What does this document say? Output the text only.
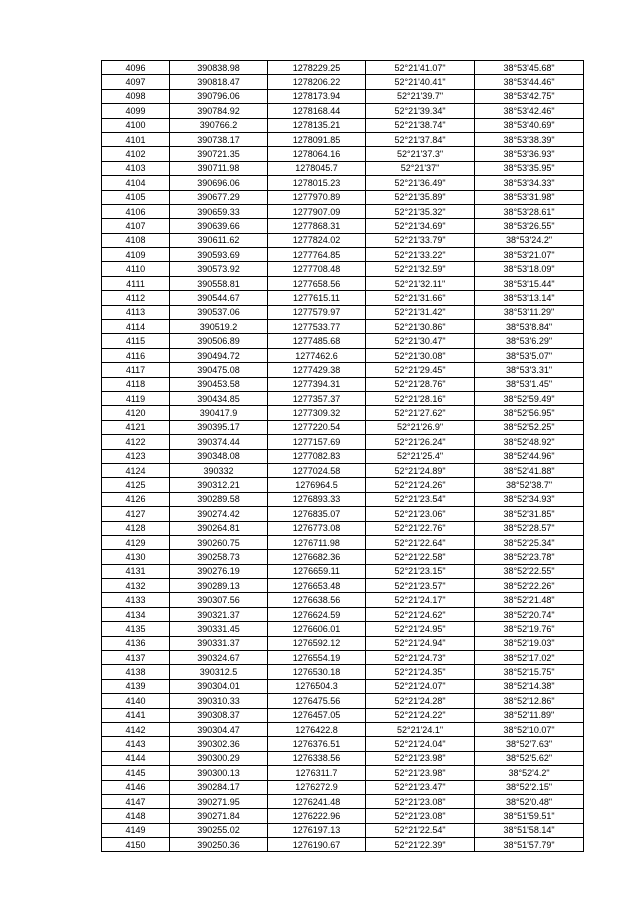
4096	390838.98	1278229.25	52°21'41.07"	38°53'45.68"
4097	390818.47	1278206.22	52°21'40.41"	38°53'44.46"
4098	390796.06	1278173.94	52°21'39.7"	38°53'42.75"
4099	390784.92	1278168.44	52°21'39.34"	38°53'42.46"
4100	390766.2	1278135.21	52°21'38.74"	38°53'40.69"
4101	390738.17	1278091.85	52°21'37.84"	38°53'38.39"
4102	390721.35	1278064.16	52°21'37.3"	38°53'36.93"
4103	390711.98	1278045.7	52°21'37"	38°53'35.95"
4104	390696.06	1278015.23	52°21'36.49"	38°53'34.33"
4105	390677.29	1277970.89	52°21'35.89"	38°53'31.98"
4106	390659.33	1277907.09	52°21'35.32"	38°53'28.61"
4107	390639.66	1277868.31	52°21'34.69"	38°53'26.55"
4108	390611.62	1277824.02	52°21'33.79"	38°53'24.2"
4109	390593.69	1277764.85	52°21'33.22"	38°53'21.07"
4110	390573.92	1277708.48	52°21'32.59"	38°53'18.09"
4111	390558.81	1277658.56	52°21'32.11"	38°53'15.44"
4112	390544.67	1277615.11	52°21'31.66"	38°53'13.14"
4113	390537.06	1277579.97	52°21'31.42"	38°53'11.29"
4114	390519.2	1277533.77	52°21'30.86"	38°53'8.84"
4115	390506.89	1277485.68	52°21'30.47"	38°53'6.29"
4116	390494.72	1277462.6	52°21'30.08"	38°53'5.07"
4117	390475.08	1277429.38	52°21'29.45"	38°53'3.31"
4118	390453.58	1277394.31	52°21'28.76"	38°53'1.45"
4119	390434.85	1277357.37	52°21'28.16"	38°52'59.49"
4120	390417.9	1277309.32	52°21'27.62"	38°52'56.95"
4121	390395.17	1277220.54	52°21'26.9"	38°52'52.25"
4122	390374.44	1277157.69	52°21'26.24"	38°52'48.92"
4123	390348.08	1277082.83	52°21'25.4"	38°52'44.96"
4124	390332	1277024.58	52°21'24.89"	38°52'41.88"
4125	390312.21	1276964.5	52°21'24.26"	38°52'38.7"
4126	390289.58	1276893.33	52°21'23.54"	38°52'34.93"
4127	390274.42	1276835.07	52°21'23.06"	38°52'31.85"
4128	390264.81	1276773.08	52°21'22.76"	38°52'28.57"
4129	390260.75	1276711.98	52°21'22.64"	38°52'25.34"
4130	390258.73	1276682.36	52°21'22.58"	38°52'23.78"
4131	390276.19	1276659.11	52°21'23.15"	38°52'22.55"
4132	390289.13	1276653.48	52°21'23.57"	38°52'22.26"
4133	390307.56	1276638.56	52°21'24.17"	38°52'21.48"
4134	390321.37	1276624.59	52°21'24.62"	38°52'20.74"
4135	390331.45	1276606.01	52°21'24.95"	38°52'19.76"
4136	390331.37	1276592.12	52°21'24.94"	38°52'19.03"
4137	390324.67	1276554.19	52°21'24.73"	38°52'17.02"
4138	390312.5	1276530.18	52°21'24.35"	38°52'15.75"
4139	390304.01	1276504.3	52°21'24.07"	38°52'14.38"
4140	390310.33	1276475.56	52°21'24.28"	38°52'12.86"
4141	390308.37	1276457.05	52°21'24.22"	38°52'11.89"
4142	390304.47	1276422.8	52°21'24.1"	38°52'10.07"
4143	390302.36	1276376.51	52°21'24.04"	38°52'7.63"
4144	390300.29	1276338.56	52°21'23.98"	38°52'5.62"
4145	390300.13	1276311.7	52°21'23.98"	38°52'4.2"
4146	390284.17	1276272.9	52°21'23.47"	38°52'2.15"
4147	390271.95	1276241.48	52°21'23.08"	38°52'0.48"
4148	390271.84	1276222.96	52°21'23.08"	38°51'59.51"
4149	390255.02	1276197.13	52°21'22.54"	38°51'58.14"
4150	390250.36	1276190.67	52°21'22.39"	38°51'57.79"
